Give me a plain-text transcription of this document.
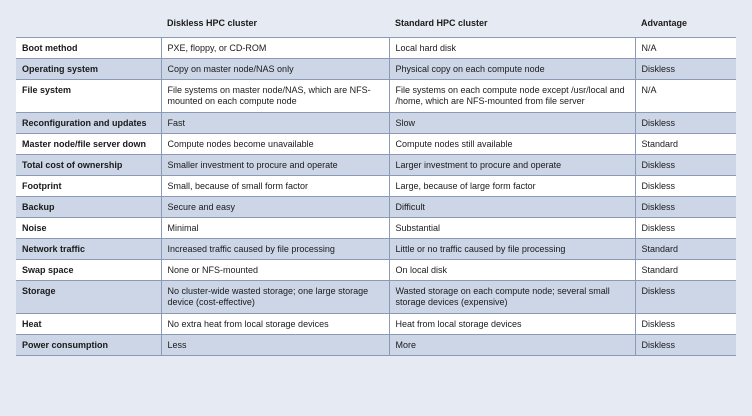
	Diskless HPC cluster	Standard HPC cluster	Advantage
Boot method	PXE, floppy, or CD-ROM	Local hard disk	N/A
Operating system	Copy on master node/NAS only	Physical copy on each compute node	Diskless
File system	File systems on master node/NAS, which are NFS-mounted on each compute node	File systems on each compute node except /usr/local and /home, which are NFS-mounted from file server	N/A
Reconfiguration and updates	Fast	Slow	Diskless
Master node/file server down	Compute nodes become unavailable	Compute nodes still available	Standard
Total cost of ownership	Smaller investment to procure and operate	Larger investment to procure and operate	Diskless
Footprint	Small, because of small form factor	Large, because of large form factor	Diskless
Backup	Secure and easy	Difficult	Diskless
Noise	Minimal	Substantial	Diskless
Network traffic	Increased traffic caused by file processing	Little or no traffic caused by file processing	Standard
Swap space	None or NFS-mounted	On local disk	Standard
Storage	No cluster-wide wasted storage; one large storage device (cost-effective)	Wasted storage on each compute node; several small storage devices (expensive)	Diskless
Heat	No extra heat from local storage devices	Heat from local storage devices	Diskless
Power consumption	Less	More	Diskless
